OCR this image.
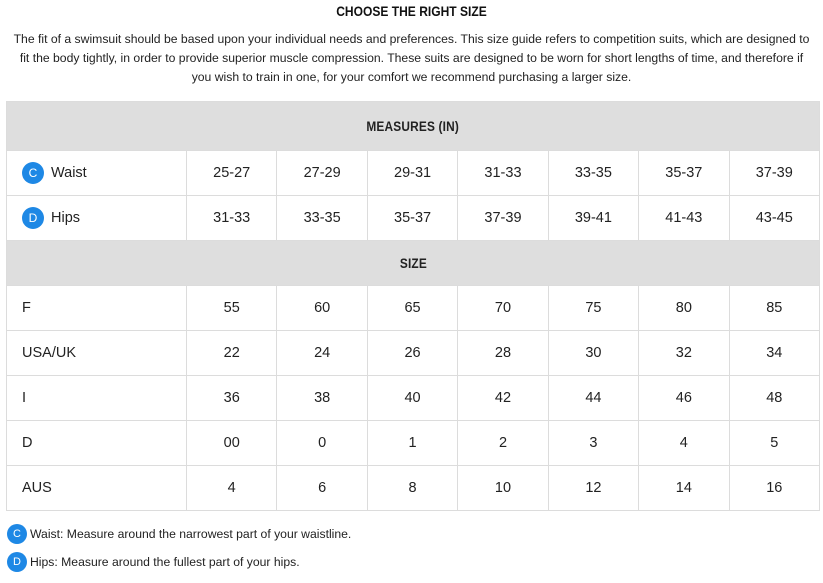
CHOOSE THE RIGHT SIZE
The fit of a swimsuit should be based upon your individual needs and preferences. This size guide refers to competition suits, which are designed to fit the body tightly, in order to provide superior muscle compression. These suits are designed to be worn for short lengths of time, and therefore if you wish to train in one, for your comfort we recommend purchasing a larger size.
MEASURES (IN)							
C Waist	25-27	27-29	29-31	31-33	33-35	35-37	37-39
D Hips	31-33	33-35	35-37	37-39	39-41	41-43	43-45
SIZE							
F	55	60	65	70	75	80	85
USA/UK	22	24	26	28	30	32	34
I	36	38	40	42	44	46	48
D	00	0	1	2	3	4	5
AUS	4	6	8	10	12	14	16
C Waist: Measure around the narrowest part of your waistline.
D Hips: Measure around the fullest part of your hips.
